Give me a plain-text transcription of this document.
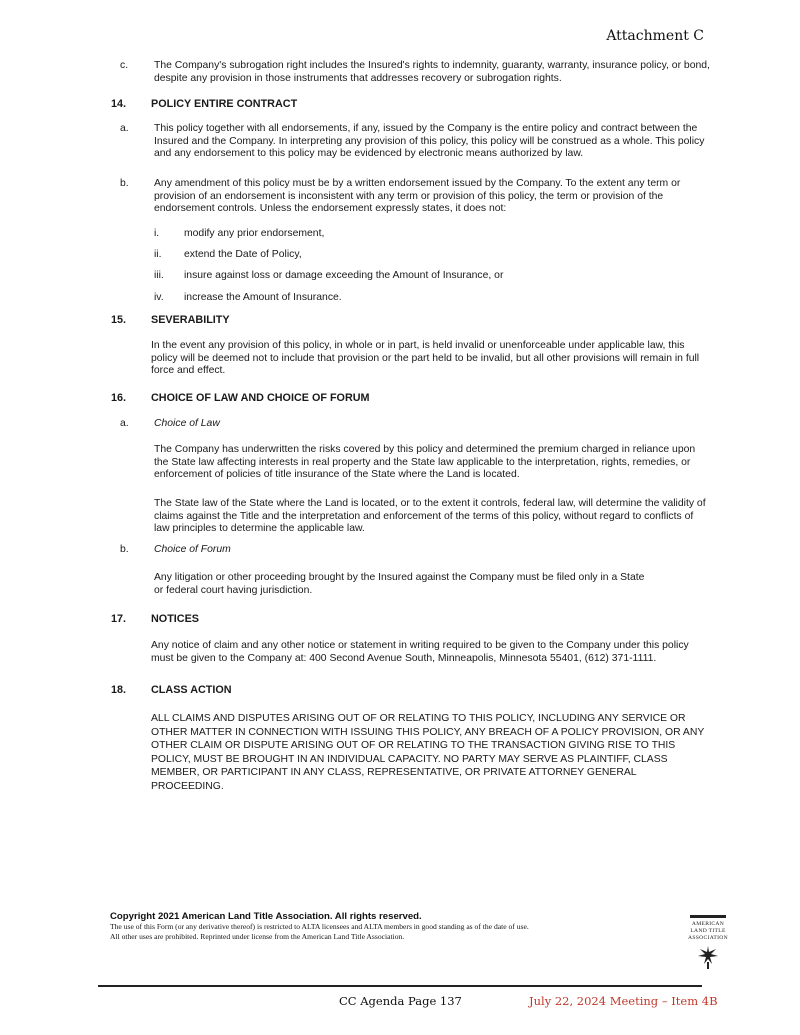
Attachment C
c. The Company's subrogation right includes the Insured's rights to indemnity, guaranty, warranty, insurance policy, or bond, despite any provision in those instruments that addresses recovery or subrogation rights.
14. POLICY ENTIRE CONTRACT
a. This policy together with all endorsements, if any, issued by the Company is the entire policy and contract between the Insured and the Company. In interpreting any provision of this policy, this policy will be construed as a whole. This policy and any endorsement to this policy may be evidenced by electronic means authorized by law.
b. Any amendment of this policy must be by a written endorsement issued by the Company. To the extent any term or provision of an endorsement is inconsistent with any term or provision of this policy, the term or provision of the endorsement controls. Unless the endorsement expressly states, it does not:
i. modify any prior endorsement,
ii. extend the Date of Policy,
iii. insure against loss or damage exceeding the Amount of Insurance, or
iv. increase the Amount of Insurance.
15. SEVERABILITY
In the event any provision of this policy, in whole or in part, is held invalid or unenforceable under applicable law, this policy will be deemed not to include that provision or the part held to be invalid, but all other provisions will remain in full force and effect.
16. CHOICE OF LAW AND CHOICE OF FORUM
a. Choice of Law
The Company has underwritten the risks covered by this policy and determined the premium charged in reliance upon the State law affecting interests in real property and the State law applicable to the interpretation, rights, remedies, or enforcement of policies of title insurance of the State where the Land is located.
The State law of the State where the Land is located, or to the extent it controls, federal law, will determine the validity of claims against the Title and the interpretation and enforcement of the terms of this policy, without regard to conflicts of law principles to determine the applicable law.
b. Choice of Forum
Any litigation or other proceeding brought by the Insured against the Company must be filed only in a State or federal court having jurisdiction.
17. NOTICES
Any notice of claim and any other notice or statement in writing required to be given to the Company under this policy must be given to the Company at: 400 Second Avenue South, Minneapolis, Minnesota 55401, (612) 371-1111.
18. CLASS ACTION
ALL CLAIMS AND DISPUTES ARISING OUT OF OR RELATING TO THIS POLICY, INCLUDING ANY SERVICE OR OTHER MATTER IN CONNECTION WITH ISSUING THIS POLICY, ANY BREACH OF A POLICY PROVISION, OR ANY OTHER CLAIM OR DISPUTE ARISING OUT OF OR RELATING TO THE TRANSACTION GIVING RISE TO THIS POLICY, MUST BE BROUGHT IN AN INDIVIDUAL CAPACITY. NO PARTY MAY SERVE AS PLAINTIFF, CLASS MEMBER, OR PARTICIPANT IN ANY CLASS, REPRESENTATIVE, OR PRIVATE ATTORNEY GENERAL PROCEEDING.
Copyright 2021 American Land Title Association. All rights reserved.
The use of this Form (or any derivative thereof) is restricted to ALTA licensees and ALTA members in good standing as of the date of use.
All other uses are prohibited. Reprinted under license from the American Land Title Association.
AMERICAN
LAND TITLE
ASSOCIATION
CC Agenda Page 137	July 22, 2024 Meeting – Item 4B
